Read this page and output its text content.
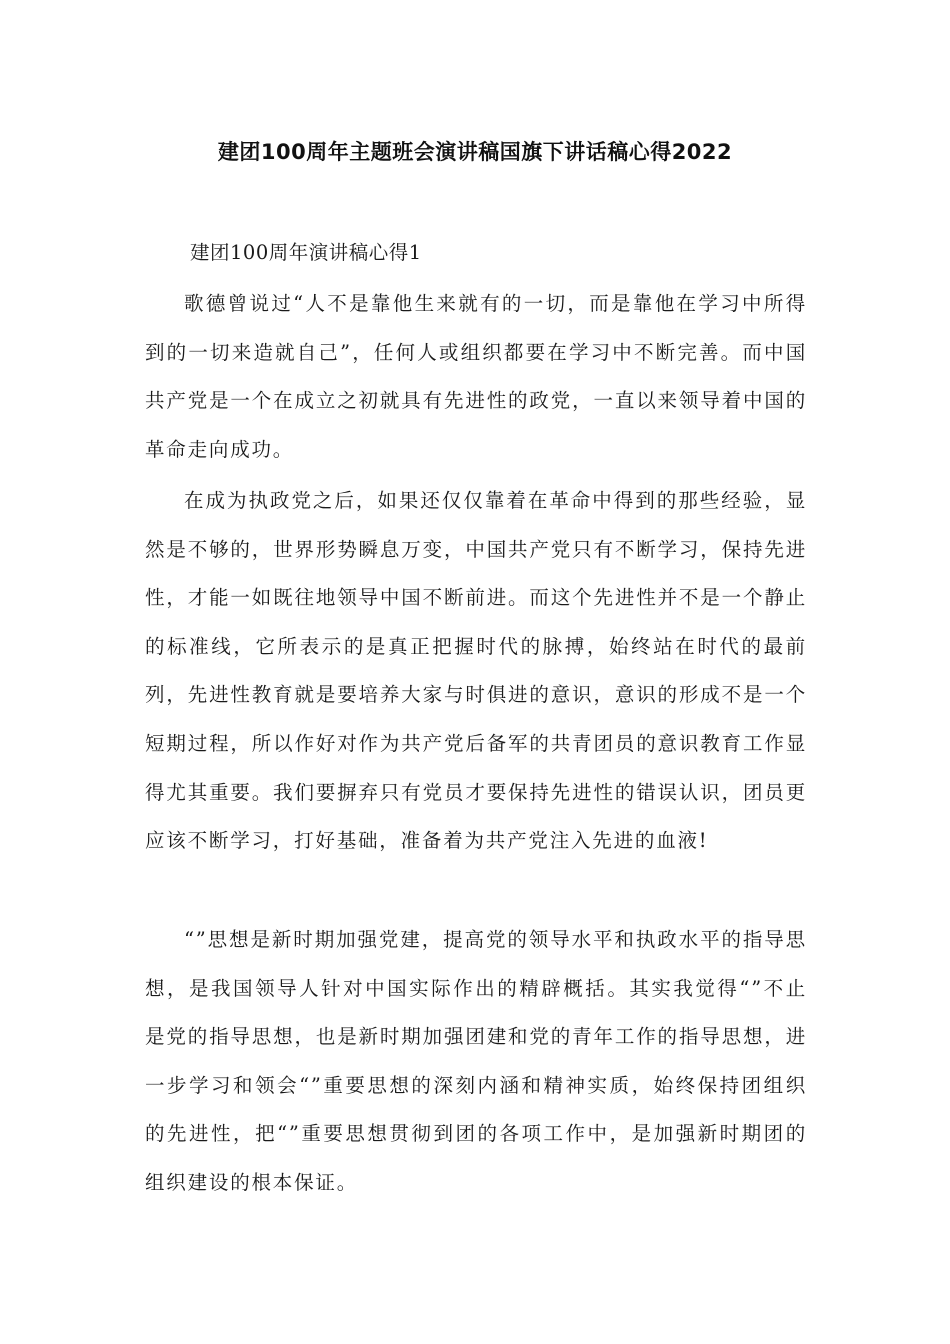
建团100周年主题班会演讲稿国旗下讲话稿心得2022
建团100周年演讲稿心得1

歌德曾说过“人不是靠他生来就有的一切，而是靠他在学习中所得到的一切来造就自己”，任何人或组织都要在学习中不断完善。而中国共产党是一个在成立之初就具有先进性的政党，一直以来领导着中国的革命走向成功。

在成为执政党之后，如果还仅仅靠着在革命中得到的那些经验，显然是不够的，世界形势瞬息万变，中国共产党只有不断学习，保持先进性，才能一如既往地领导中国不断前进。而这个先进性并不是一个静止的标准线，它所表示的是真正把握时代的脉搏，始终站在时代的最前列，先进性教育就是要培养大家与时俱进的意识，意识的形成不是一个短期过程，所以作好对作为共产党后备军的共青团员的意识教育工作显得尤其重要。我们要摒弃只有党员才要保持先进性的错误认识，团员更应该不断学习，打好基础，准备着为共产党注入先进的血液!

“”思想是新时期加强党建，提高党的领导水平和执政水平的指导思想，是我国领导人针对中国实际作出的精辟概括。其实我觉得“”不止是党的指导思想，也是新时期加强团建和党的青年工作的指导思想，进一步学习和领会“”重要思想的深刻内涵和精神实质，始终保持团组织的先进性，把“”重要思想贯彻到团的各项工作中，是加强新时期团的组织建设的根本保证。
